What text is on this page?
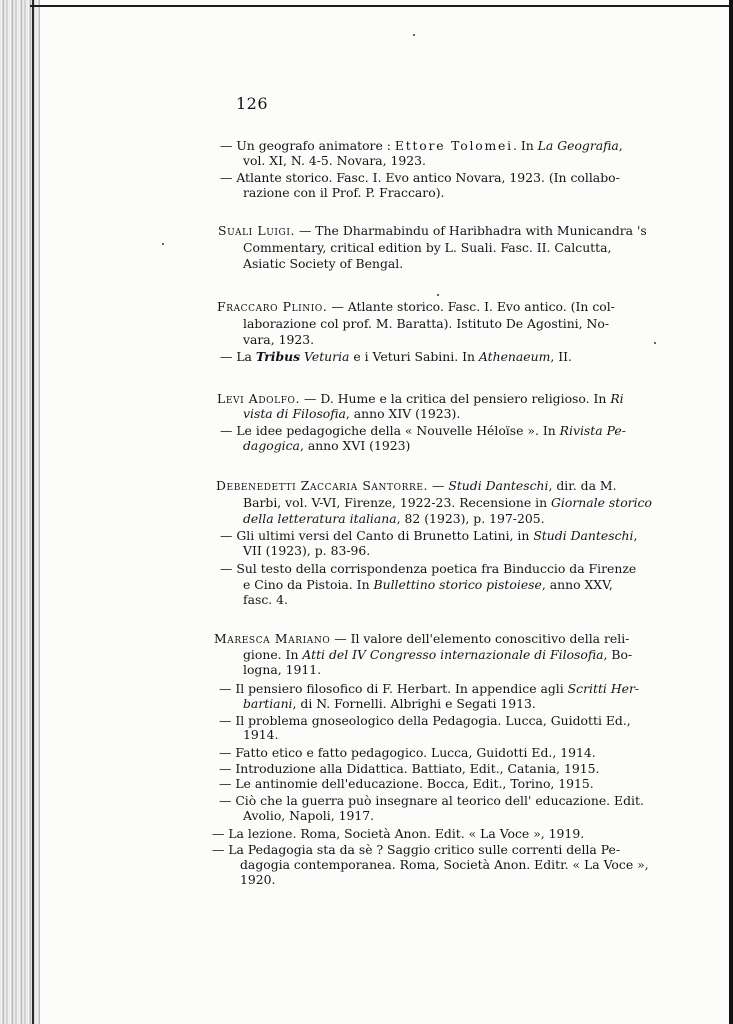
126
— Un geografo animatore : Ettore Tolomei. In La Geografia,
vol. XI, N. 4-5. Novara, 1923.
— Atlante storico. Fasc. I. Evo antico Novara, 1923. (In collabo-
razione con il Prof. P. Fraccaro).
Suali Luigi. — The Dharmabindu of Haribhadra with Municandra 's
Commentary, critical edition by L. Suali. Fasc. II. Calcutta,
Asiatic Society of Bengal.
Fraccaro Plinio. — Atlante storico. Fasc. I. Evo antico. (In col-
laborazione col prof. M. Baratta). Istituto De Agostini, No-
vara, 1923.
— La Tribus Veturia e i Veturi Sabini. In Athenaeum, II.
Levi Adolfo. — D. Hume e la critica del pensiero religioso. In Ri
vista di Filosofia, anno XIV (1923).
— Le idee pedagogiche della « Nouvelle Héloïse ». In Rivista Pe-
dagogica, anno XVI (1923)
Debenedetti Zaccaria Santorre. — Studi Danteschi, dir. da M.
Barbi, vol. V-VI, Firenze, 1922-23. Recensione in Giornale storico
della letteratura italiana, 82 (1923), p. 197-205.
— Gli ultimi versi del Canto di Brunetto Latini, in Studi Danteschi,
VII (1923), p. 83-96.
— Sul testo della corrispondenza poetica fra Binduccio da Firenze
e Cino da Pistoia. In Bullettino storico pistoiese, anno XXV,
fasc. 4.
Maresca Mariano — Il valore dell'elemento conoscitivo della reli-
gione. In Atti del IV Congresso internazionale di Filosofia, Bo-
logna, 1911.
— Il pensiero filosofico di F. Herbart. In appendice agli Scritti Her-
bartiani, di N. Fornelli. Albrighi e Segati 1913.
— Il problema gnoseologico della Pedagogia. Lucca, Guidotti Ed.,
1914.
— Fatto etico e fatto pedagogico. Lucca, Guidotti Ed., 1914.
— Introduzione alla Didattica. Battiato, Edit., Catania, 1915.
— Le antinomie dell'educazione. Bocca, Edit., Torino, 1915.
— Ciò che la guerra può insegnare al teorico dell' educazione. Edit.
Avolio, Napoli, 1917.
— La lezione. Roma, Società Anon. Edit. « La Voce », 1919.
— La Pedagogia sta da sè ? Saggio critico sulle correnti della Pe-
dagogia contemporanea. Roma, Società Anon. Editr. « La Voce »,
1920.
